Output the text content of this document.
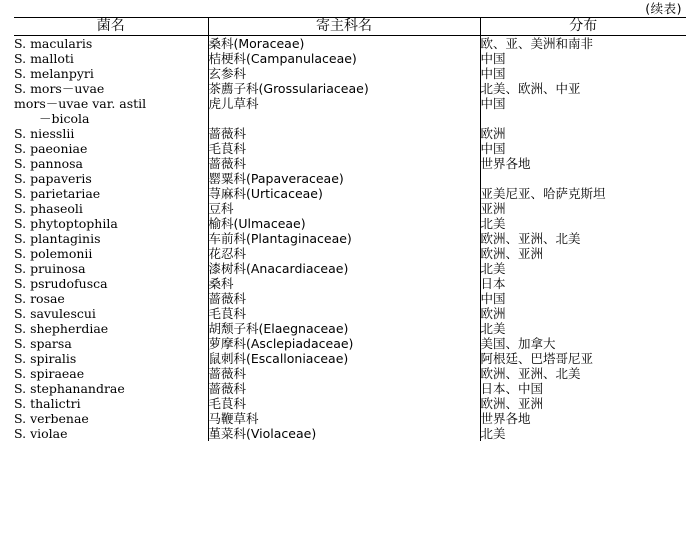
(续表)
菌名	寄主科名	分布
S. macularis	桑科(Moraceae)	欧、亚、美洲和南非
S. malloti	桔梗科(Campanulaceae)	中国
S. melanpyri	玄参科	中国
S. mors－uvae	茶薦子科(Grossulariaceae)	北美、欧洲、中亚
mors－uvae var. astil
－bicola	虎儿草科	中国
S. niesslii	蔷薇科	欧洲
S. paeoniae	毛茛科	中国
S. pannosa	蔷薇科	世界各地
S. papaveris	罂粟科(Papaveraceae)	
S. parietariae	荨麻科(Urticaceae)	亚美尼亚、哈萨克斯坦
S. phaseoli	豆科	亚洲
S. phytoptophila	榆科(Ulmaceae)	北美
S. plantaginis	车前科(Plantaginaceae)	欧洲、亚洲、北美
S. polemonii	花忍科	欧洲、亚洲
S. pruinosa	漆树科(Anacardiaceae)	北美
S. psrudofusca	桑科	日本
S. rosae	蔷薇科	中国
S. savulescui	毛茛科	欧洲
S. shepherdiae	胡颓子科(Elaegnaceae)	北美
S. sparsa	萝摩科(Asclepiadaceae)	美国、加拿大
S. spiralis	鼠刺科(Escalloniaceae)	阿根廷、巴塔哥尼亚
S. spiraeae	蔷薇科	欧洲、亚洲、北美
S. stephanandrae	蔷薇科	日本、中国
S. thalictri	毛茛科	欧洲、亚洲
S. verbenae	马鞭草科	世界各地
S. violae	堇菜科(Violaceae)	北美
